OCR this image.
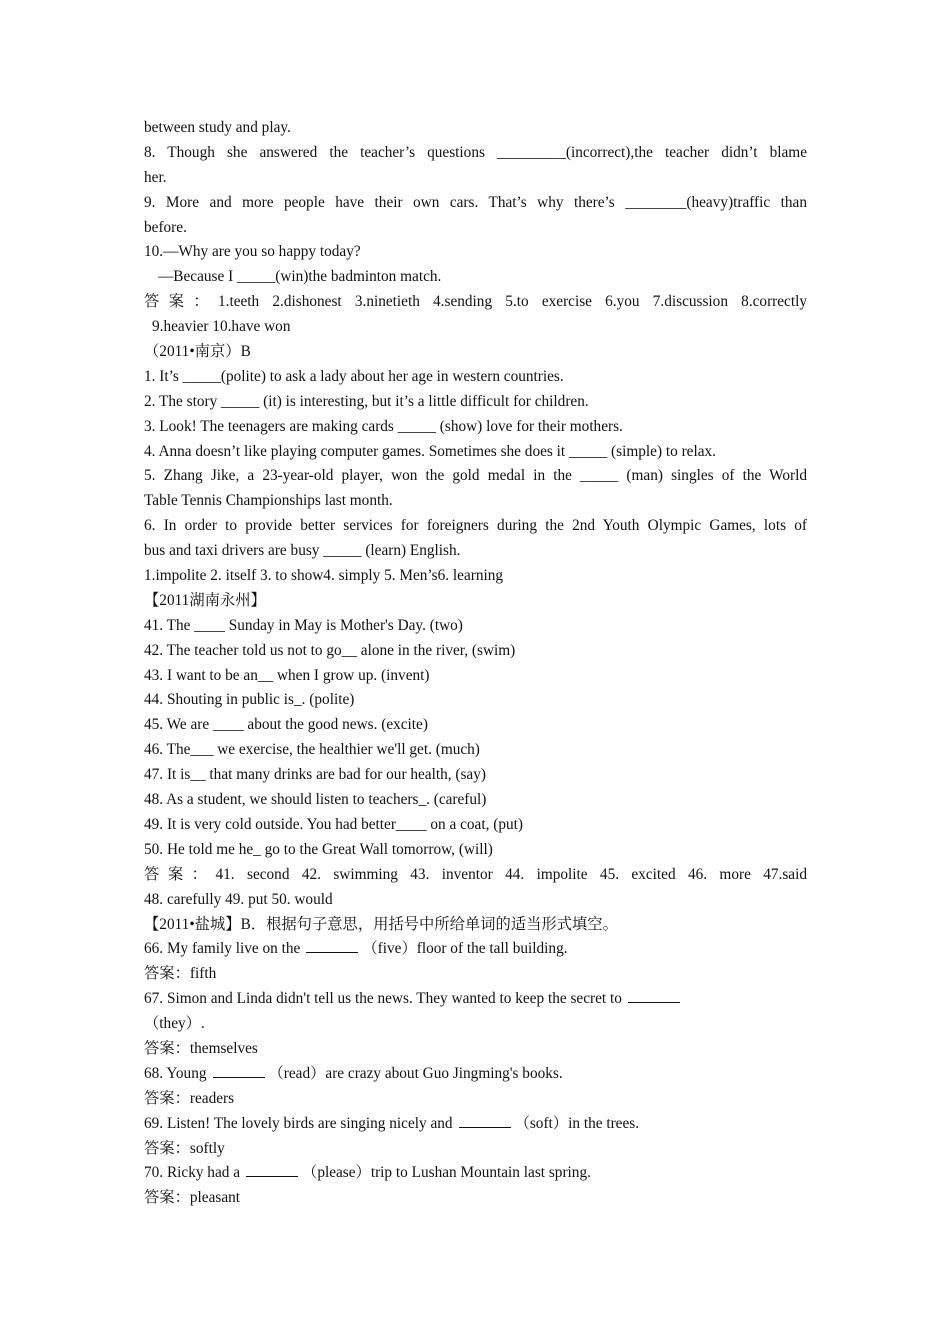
between study and play.
8. Though she answered the teacher’s questions _________(incorrect),the teacher didn’t blame
her.
9. More and more people have their own cars. That’s why there’s ________(heavy)traffic than
before.
10.—Why are you so happy today?
—Because I _____(win)the badminton match.
答案：1.teeth 2.dishonest 3.ninetieth 4.sending 5.to exercise 6.you 7.discussion 8.correctly
9.heavier 10.have won
（2011•南京）B
1. It’s _____(polite) to ask a lady about her age in western countries.
2. The story _____ (it) is interesting, but it’s a little difficult for children.
3. Look! The teenagers are making cards _____ (show) love for their mothers.
4. Anna doesn’t like playing computer games. Sometimes she does it _____ (simple) to relax.
5. Zhang Jike, a 23-year-old player, won the gold medal in the _____ (man) singles of the World
Table Tennis Championships last month.
6. In order to provide better services for foreigners during the 2nd Youth Olympic Games, lots of
bus and taxi drivers are busy _____ (learn) English.
1.impolite 2. itself 3. to show4. simply 5. Men’s6. learning
【2011湖南永州】
41. The ____ Sunday in May is Mother's Day. (two)
42. The teacher told us not to go__ alone in the river, (swim)
43. I want to be an__ when I grow up. (invent)
44. Shouting in public is_. (polite)
45. We are ____ about the good news. (excite)
46. The___ we exercise, the healthier we'll get. (much)
47. It is__ that many drinks are bad for our health, (say)
48. As a student, we should listen to teachers_. (careful)
49. It is very cold outside. You had better____ on a coat, (put)
50. He told me he_ go to the Great Wall tomorrow, (will)
答案：41. second 42. swimming 43. inventor 44. impolite 45. excited 46. more 47.said
48. carefully 49. put 50. would
【2011•盐城】B．根据句子意思，用括号中所给单词的适当形式填空。
66. My family live on the	（five）floor of the tall building.
答案：fifth
67. Simon and Linda didn't tell us the news. They wanted to keep the secret to
（they）.
答案：themselves
68. Young	（read）are crazy about Guo Jingming's books.
答案：readers
69. Listen! The lovely birds are singing nicely and	（soft）in the trees.
答案：softly
70. Ricky had a	（please）trip to Lushan Mountain last spring.
答案：pleasant
